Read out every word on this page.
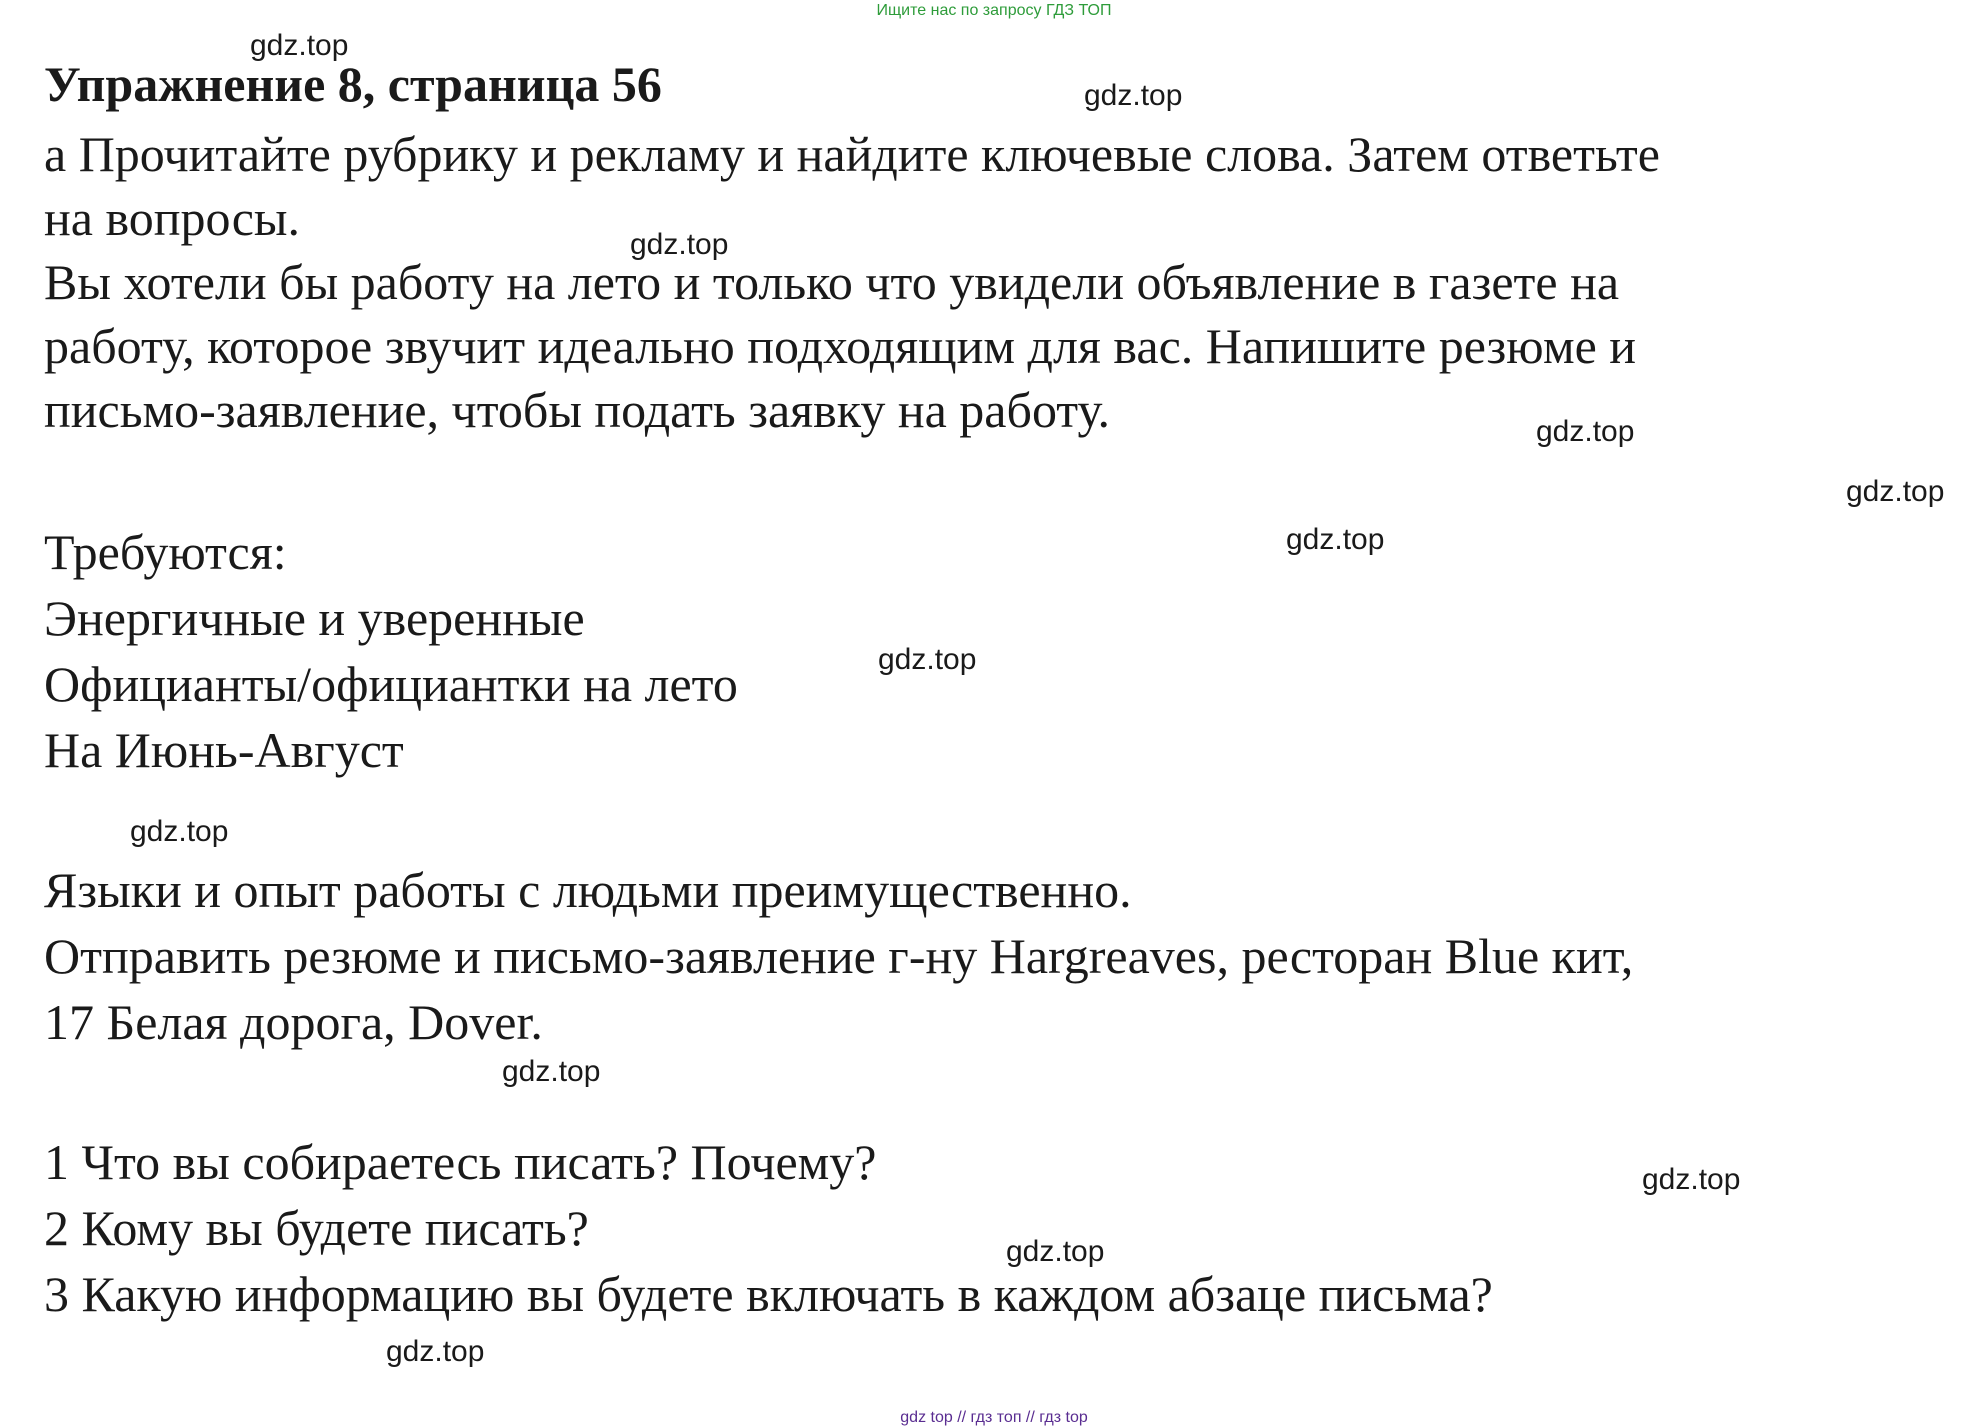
Ищите нас по запросу ГДЗ ТОП
Упражнение 8, страница 56
а Прочитайте рубрику и рекламу и найдите ключевые слова. Затем ответьте
на вопросы.
Вы хотели бы работу на лето и только что увидели объявление в газете на
работу, которое звучит идеально подходящим для вас. Напишите резюме и
письмо-заявление, чтобы подать заявку на работу.
Требуются:
Энергичные и уверенные
Официанты/официантки на лето
На Июнь-Август
Языки и опыт работы с людьми преимущественно.
Отправить резюме и письмо-заявление г-ну Hargreaves, ресторан Blue кит,
17 Белая дорога, Dover.
1 Что вы собираетесь писать? Почему?
2 Кому вы будете писать?
3 Какую информацию вы будете включать в каждом абзаце письма?
gdz.top
gdz.top
gdz.top
gdz.top
gdz.top
gdz.top
gdz.top
gdz.top
gdz.top
gdz.top
gdz.top
gdz.top
gdz top // гдз топ // гдз top
